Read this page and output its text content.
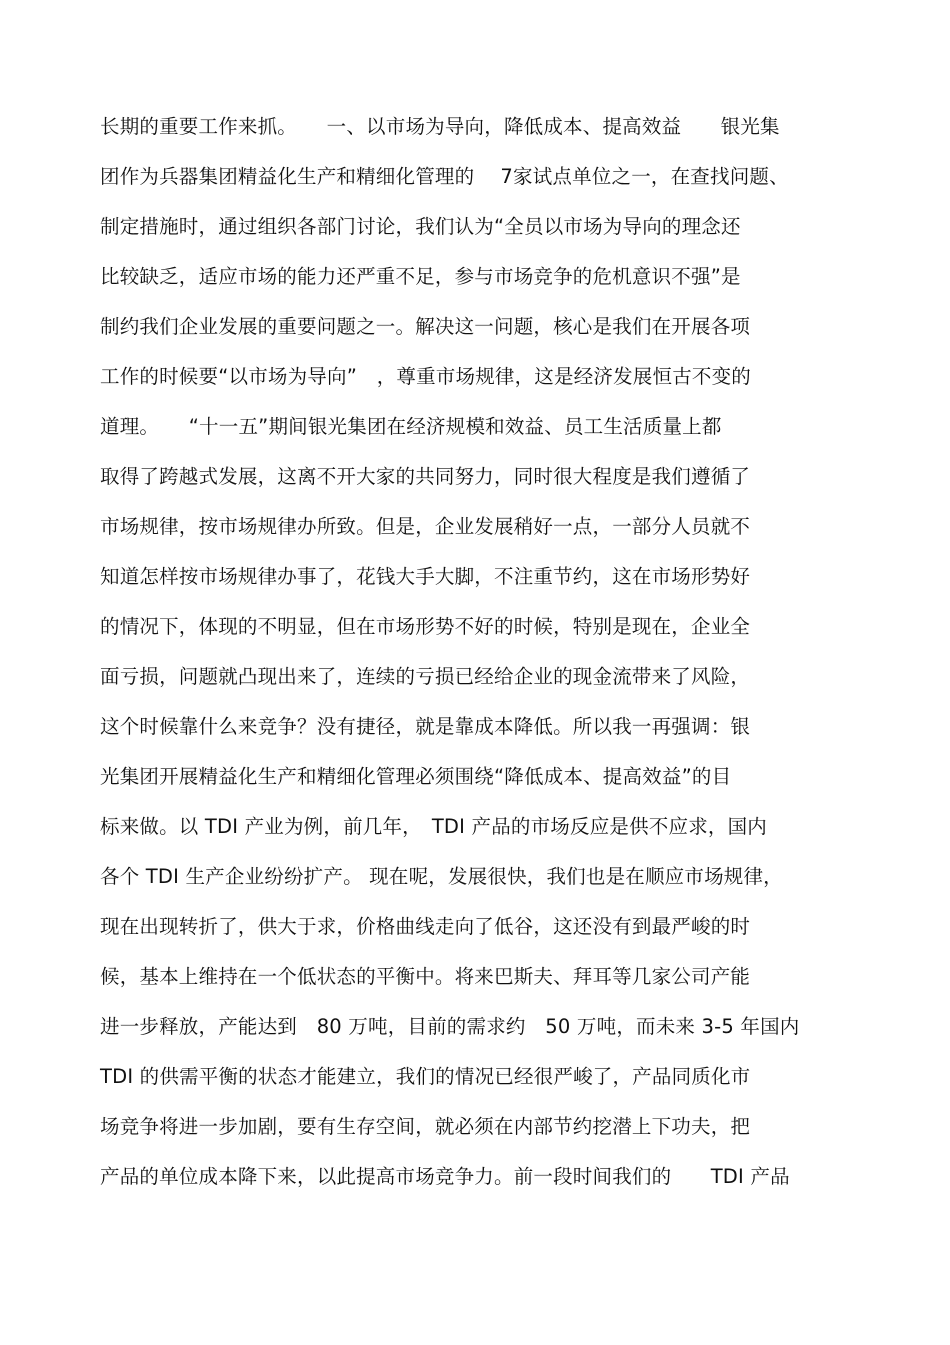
长期的重要工作来抓。　　一、以市场为导向，降低成本、提高效益　　银光集
团作为兵器集团精益化生产和精细化管理的　 7家试点单位之一，在查找问题、
制定措施时，通过组织各部门讨论，我们认为“全员以市场为导向的理念还
比较缺乏，适应市场的能力还严重不足，参与市场竞争的危机意识不强”是
制约我们企业发展的重要问题之一。解决这一问题，核心是我们在开展各项
工作的时候要“以市场为导向”　，尊重市场规律，这是经济发展恒古不变的
道理。　　“十一五”期间银光集团在经济规模和效益、员工生活质量上都
取得了跨越式发展，这离不开大家的共同努力，同时很大程度是我们遵循了
市场规律，按市场规律办所致。但是，企业发展稍好一点，一部分人员就不
知道怎样按市场规律办事了，花钱大手大脚，不注重节约，这在市场形势好
的情况下，体现的不明显，但在市场形势不好的时候，特别是现在，企业全
面亏损，问题就凸现出来了，连续的亏损已经给企业的现金流带来了风险，
这个时候靠什么来竞争？没有捷径，就是靠成本降低。所以我一再强调：银
光集团开展精益化生产和精细化管理必须围绕“降低成本、提高效益”的目
标来做。以 TDI 产业为例，前几年，　TDI 产品的市场反应是供不应求，国内
各个 TDI 生产企业纷纷扩产。 现在呢，发展很快，我们也是在顺应市场规律，
现在出现转折了，供大于求，价格曲线走向了低谷，这还没有到最严峻的时
候，基本上维持在一个低状态的平衡中。将来巴斯夫、拜耳等几家公司产能
进一步释放，产能达到　80 万吨，目前的需求约　50 万吨，而未来 3-5 年国内
TDI 的供需平衡的状态才能建立，我们的情况已经很严峻了，产品同质化市
场竞争将进一步加剧，要有生存空间，就必须在内部节约挖潜上下功夫，把
产品的单位成本降下来，以此提高市场竞争力。前一段时间我们的　　TDI 产品
